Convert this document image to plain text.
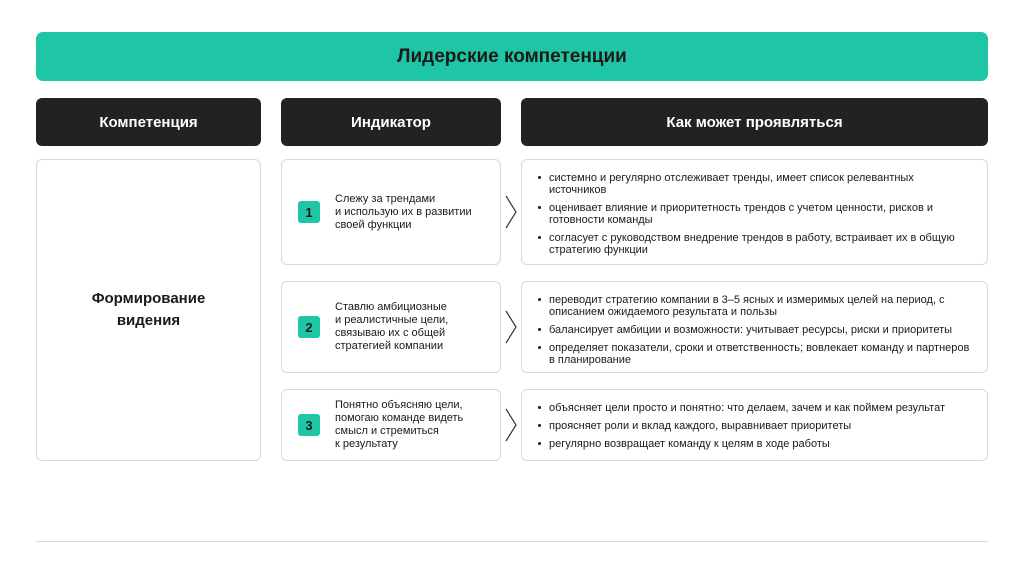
Лидерские компетенции
Компетенция	Индикатор	Как может проявляться
Формирование
видения
1
Слежу за трендами
и использую их в развитии
своей функции
системно и регулярно отслеживает тренды, имеет список релевантных источников
оценивает влияние и приоритетность трендов с учетом ценности, рисков и готовности команды
согласует с руководством внедрение трендов в работу, встраивает их в общую стратегию функции
2
Ставлю амбициозные
и реалистичные цели,
связываю их с общей
стратегией компании
переводит стратегию компании в 3–5 ясных и измеримых целей на период, с описанием ожидаемого результата и пользы
балансирует амбиции и возможности: учитывает ресурсы, риски и приоритеты
определяет показатели, сроки и ответственность; вовлекает команду и партнеров в планирование
3
Понятно объясняю цели,
помогаю команде видеть
смысл и стремиться
к результату
объясняет цели просто и понятно: что делаем, зачем и как поймем результат
проясняет роли и вклад каждого, выравнивает приоритеты
регулярно возвращает команду к целям в ходе работы
